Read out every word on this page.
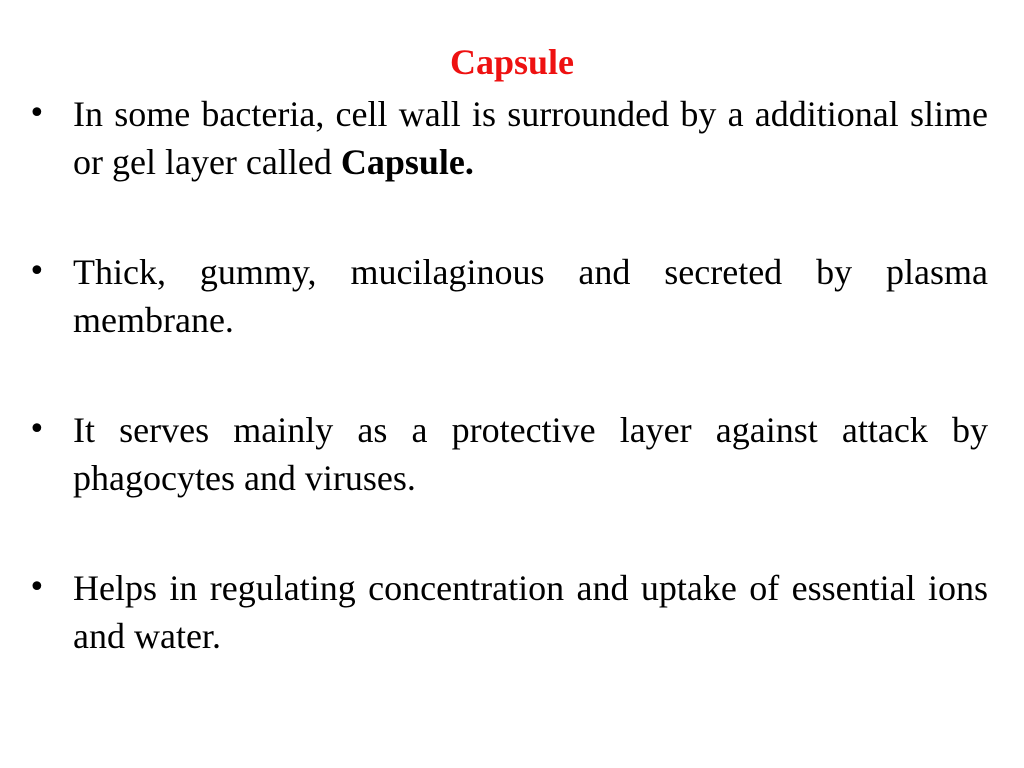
Capsule
• In some bacteria, cell wall is surrounded by a additional slime or gel layer called Capsule.
• Thick, gummy, mucilaginous and secreted by plasma membrane.
• It serves mainly as a protective layer against attack by phagocytes and viruses.
• Helps in regulating concentration and uptake of essential ions and water.
